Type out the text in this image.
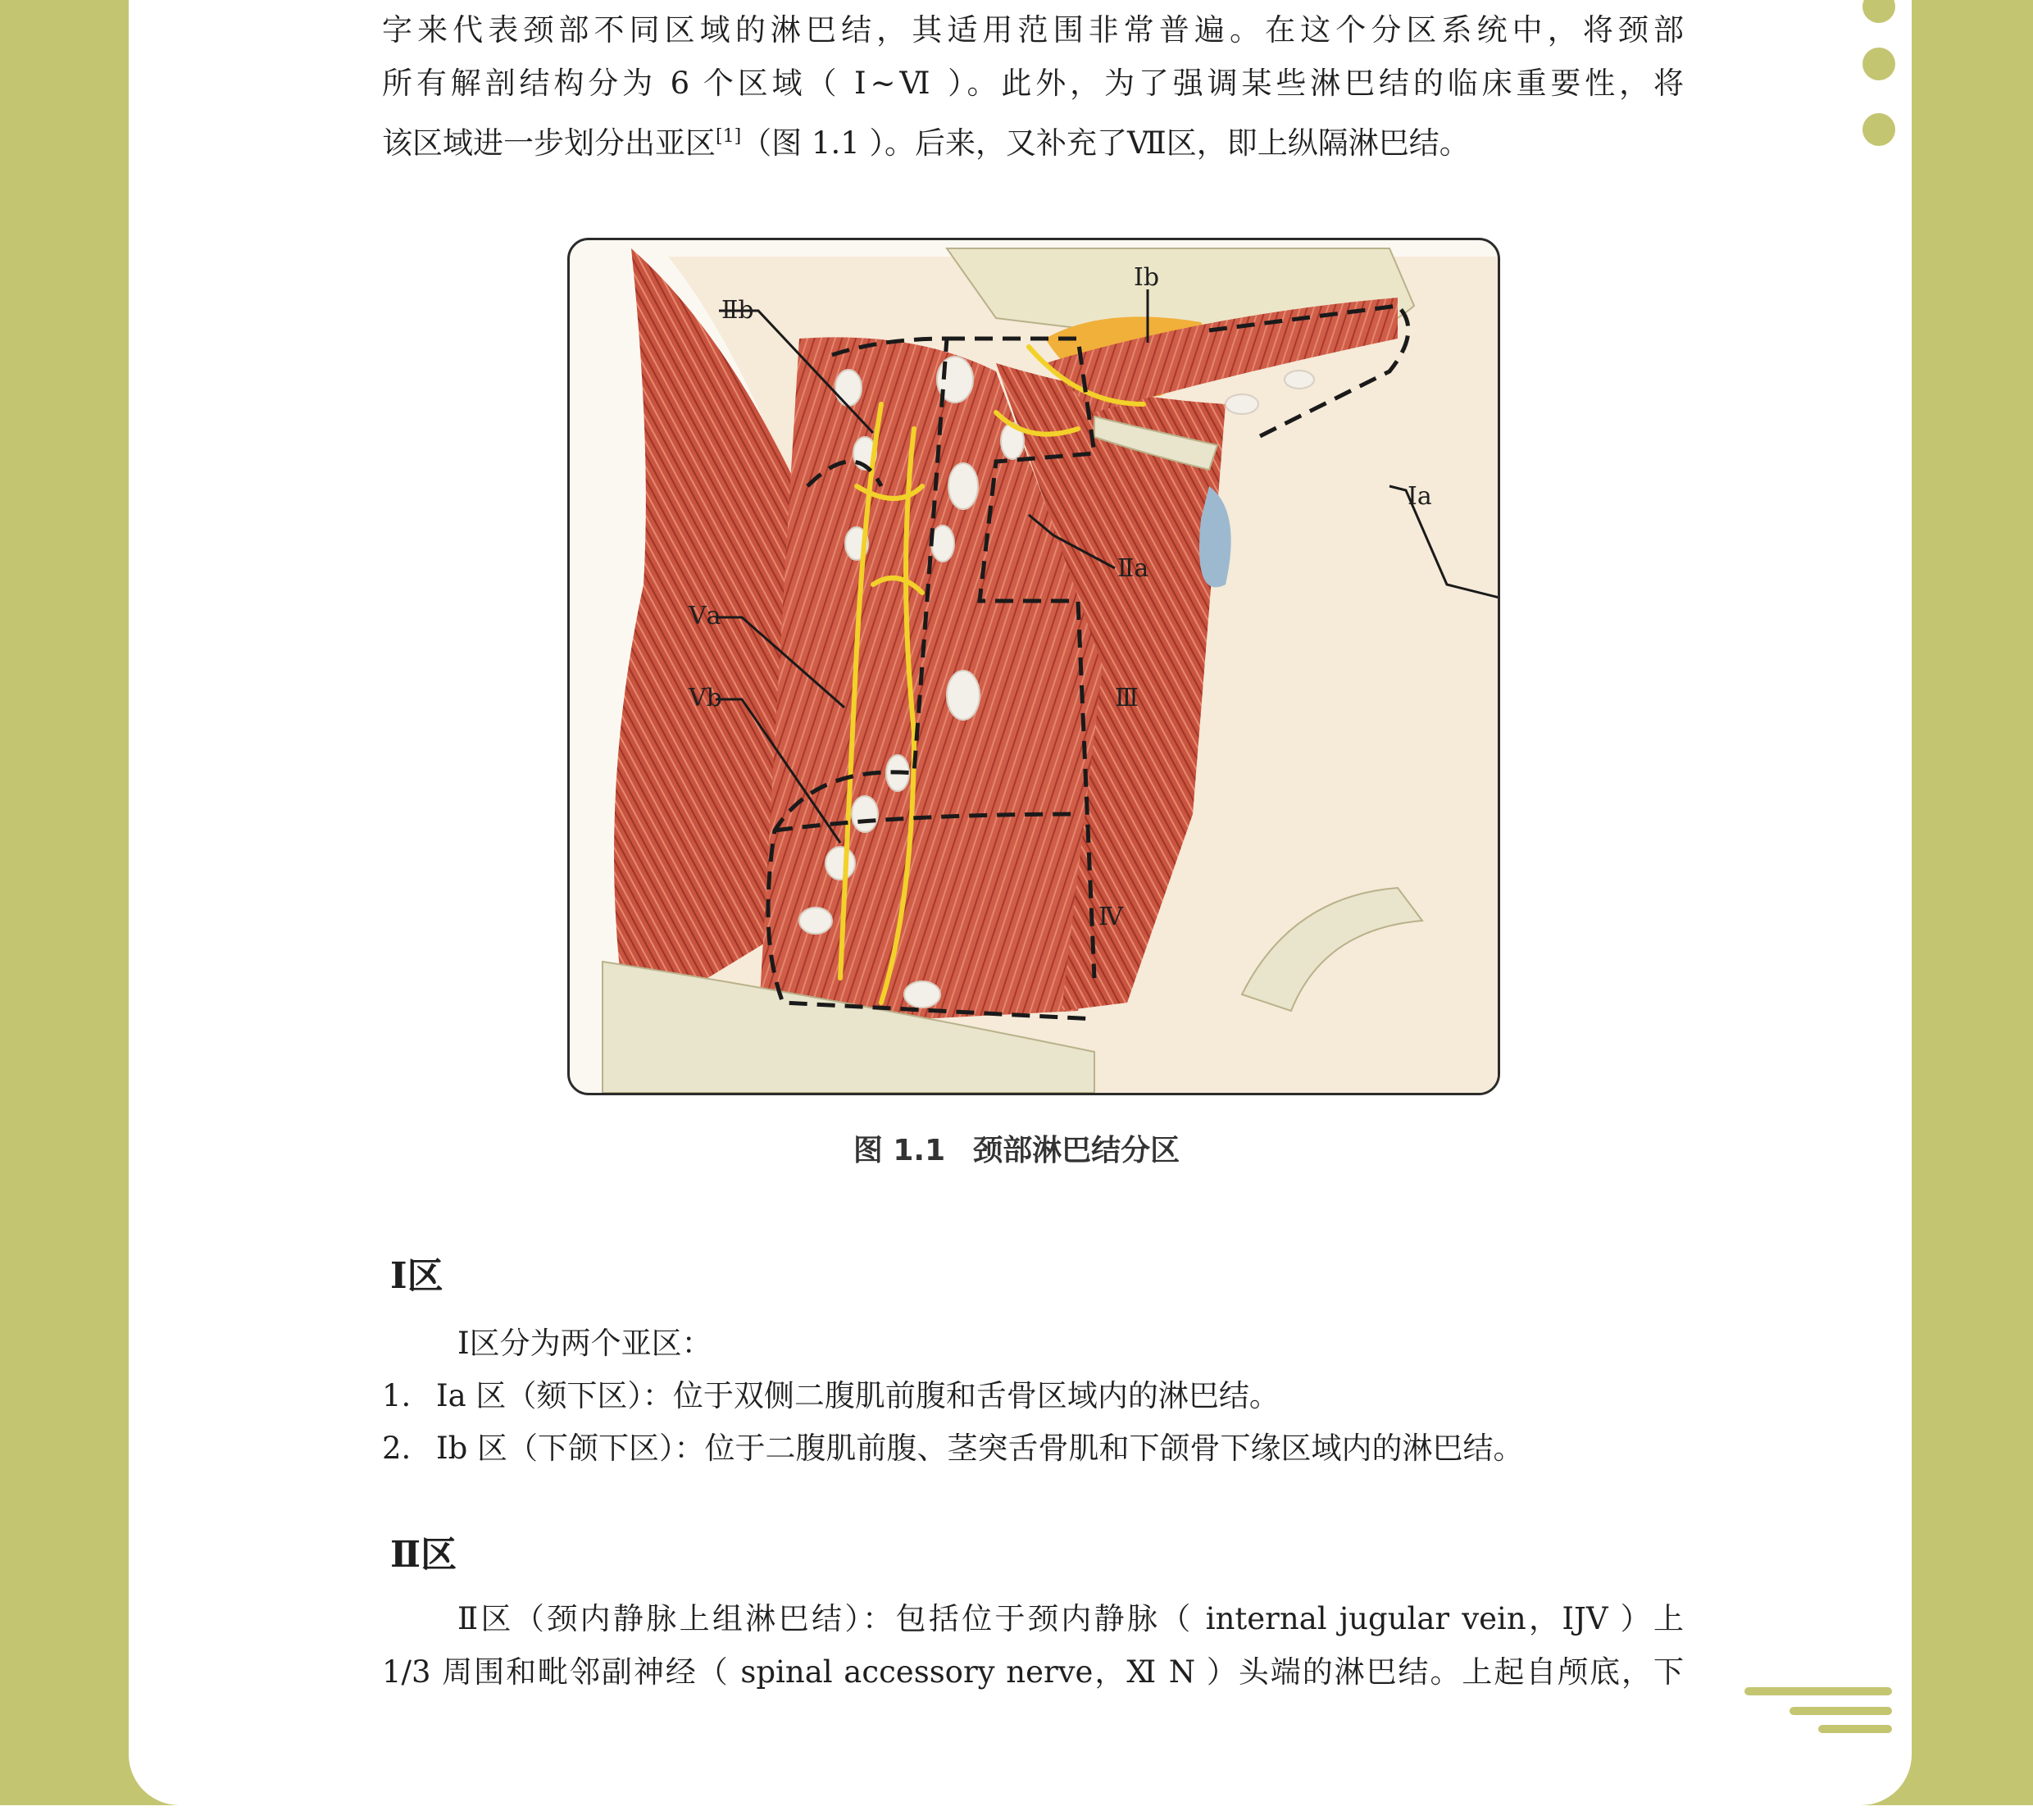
字来代表颈部不同区域的淋巴结，其适用范围非常普遍。在这个分区系统中，将颈部

所有解剖结构分为 6 个区域（ Ⅰ~Ⅵ ）。此外，为了强调某些淋巴结的临床重要性，将

该区域进一步划分出亚区[1]（图 1.1 ）。后来，又补充了Ⅶ区，即上纵隔淋巴结。

Ⅰb
Ⅱb
Ⅰa
Ⅱa
Ⅴa
Ⅴb	Ⅲ
Ⅳ
图 1.1 颈部淋巴结分区
Ⅰ区
Ⅰ区分为两个亚区：
1. Ⅰa 区（颏下区）：位于双侧二腹肌前腹和舌骨区域内的淋巴结。
2. Ⅰb 区（下颌下区）：位于二腹肌前腹、茎突舌骨肌和下颌骨下缘区域内的淋巴结。
Ⅱ区

Ⅱ区（颈内静脉上组淋巴结）：包括位于颈内静脉（ internal jugular vein，IJV ）上

1/3 周围和毗邻副神经（ spinal accessory nerve，Ⅺ N ）头端的淋巴结。上起自颅底，下
